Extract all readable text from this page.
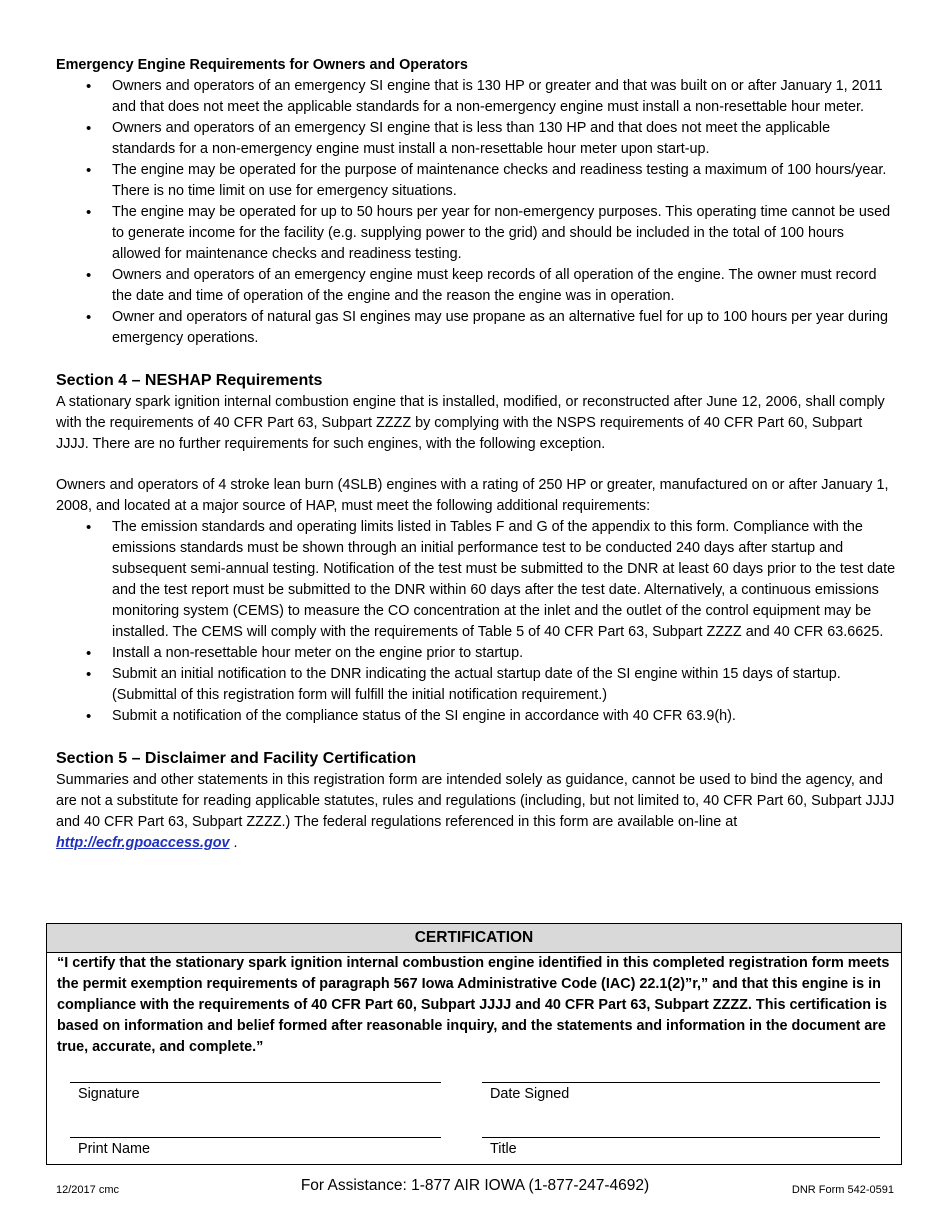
Emergency Engine Requirements for Owners and Operators

• Owners and operators of an emergency SI engine that is 130 HP or greater and that was built on or after January 1, 2011 and that does not meet the applicable standards for a non-emergency engine must install a non-resettable hour meter.
• Owners and operators of an emergency SI engine that is less than 130 HP and that does not meet the applicable standards for a non-emergency engine must install a non-resettable hour meter upon start-up.
• The engine may be operated for the purpose of maintenance checks and readiness testing a maximum of 100 hours/year. There is no time limit on use for emergency situations.
• The engine may be operated for up to 50 hours per year for non-emergency purposes. This operating time cannot be used to generate income for the facility (e.g. supplying power to the grid) and should be included in the total of 100 hours allowed for maintenance checks and readiness testing.
• Owners and operators of an emergency engine must keep records of all operation of the engine. The owner must record the date and time of operation of the engine and the reason the engine was in operation.
• Owner and operators of natural gas SI engines may use propane as an alternative fuel for up to 100 hours per year during emergency operations.

Section 4 – NESHAP Requirements

A stationary spark ignition internal combustion engine that is installed, modified, or reconstructed after June 12, 2006, shall comply with the requirements of 40 CFR Part 63, Subpart ZZZZ by complying with the NSPS requirements of 40 CFR Part 60, Subpart JJJJ. There are no further requirements for such engines, with the following exception.

Owners and operators of 4 stroke lean burn (4SLB) engines with a rating of 250 HP or greater, manufactured on or after January 1, 2008, and located at a major source of HAP, must meet the following additional requirements:

• The emission standards and operating limits listed in Tables F and G of the appendix to this form. Compliance with the emissions standards must be shown through an initial performance test to be conducted 240 days after startup and subsequent semi-annual testing. Notification of the test must be submitted to the DNR at least 60 days prior to the test date and the test report must be submitted to the DNR within 60 days after the test date. Alternatively, a continuous emissions monitoring system (CEMS) to measure the CO concentration at the inlet and the outlet of the control equipment may be installed. The CEMS will comply with the requirements of Table 5 of 40 CFR Part 63, Subpart ZZZZ and 40 CFR 63.6625.
• Install a non-resettable hour meter on the engine prior to startup.
• Submit an initial notification to the DNR indicating the actual startup date of the SI engine within 15 days of startup. (Submittal of this registration form will fulfill the initial notification requirement.)
• Submit a notification of the compliance status of the SI engine in accordance with 40 CFR 63.9(h).

Section 5 – Disclaimer and Facility Certification

Summaries and other statements in this registration form are intended solely as guidance, cannot be used to bind the agency, and are not a substitute for reading applicable statutes, rules and regulations (including, but not limited to, 40 CFR Part 60, Subpart JJJJ and 40 CFR Part 63, Subpart ZZZZ.) The federal regulations referenced in this form are available on-line at http://ecfr.gpoaccess.gov .

CERTIFICATION
“I certify that the stationary spark ignition internal combustion engine identified in this completed registration form meets the permit exemption requirements of paragraph 567 Iowa Administrative Code (IAC) 22.1(2)”r,” and that this engine is in compliance with the requirements of 40 CFR Part 60, Subpart JJJJ and 40 CFR Part 63, Subpart ZZZZ. This certification is based on information and belief formed after reasonable inquiry, and the statements and information in the document are true, accurate, and complete.”
Signature	Date Signed
Print Name	Title
12/2017 cmc	For Assistance: 1-877 AIR IOWA (1-877-247-4692)	DNR Form 542-0591
